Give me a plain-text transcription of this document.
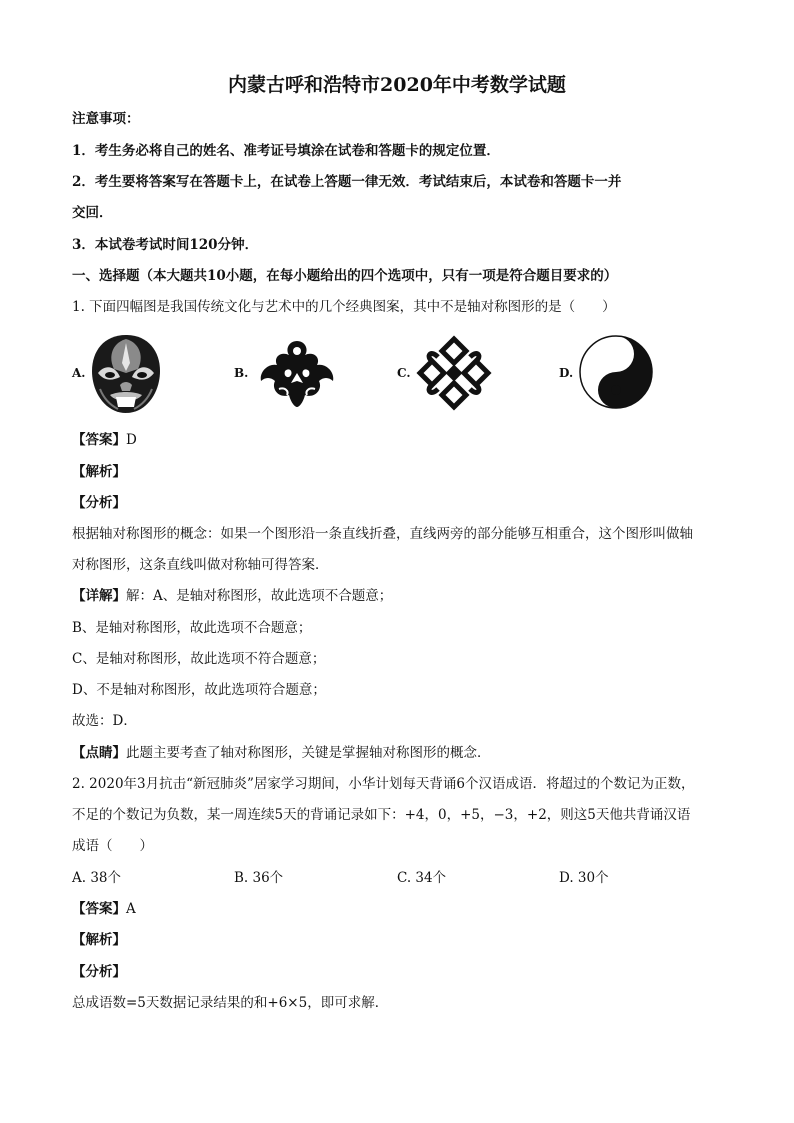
内蒙古呼和浩特市2020年中考数学试题
注意事项：
1．考生务必将自己的姓名、准考证号填涂在试卷和答题卡的规定位置．
2．考生要将答案写在答题卡上，在试卷上答题一律无效．考试结束后，本试卷和答题卡一并
交回．
3．本试卷考试时间120分钟．
一、选择题（本大题共10小题，在每小题给出的四个选项中，只有一项是符合题目要求的）
1. 下面四幅图是我国传统文化与艺术中的几个经典图案，其中不是轴对称图形的是（　　）
A.	B.	C.	D.
【答案】D
【解析】
【分析】
根据轴对称图形的概念：如果一个图形沿一条直线折叠，直线两旁的部分能够互相重合，这个图形叫做轴
对称图形，这条直线叫做对称轴可得答案．
【详解】解：A、是轴对称图形，故此选项不合题意；
B、是轴对称图形，故此选项不合题意；
C、是轴对称图形，故此选项不符合题意；
D、不是轴对称图形，故此选项符合题意；
故选：D．
【点睛】此题主要考查了轴对称图形，关键是掌握轴对称图形的概念．
2. 2020年3月抗击“新冠肺炎”居家学习期间，小华计划每天背诵6个汉语成语．将超过的个数记为正数，
不足的个数记为负数，某一周连续5天的背诵记录如下：+4，0，+5，−3，+2，则这5天他共背诵汉语
成语（　　）
A. 38个	B. 36个	C. 34个	D. 30个
【答案】A
【解析】
【分析】
总成语数=5天数据记录结果的和+6×5，即可求解．
